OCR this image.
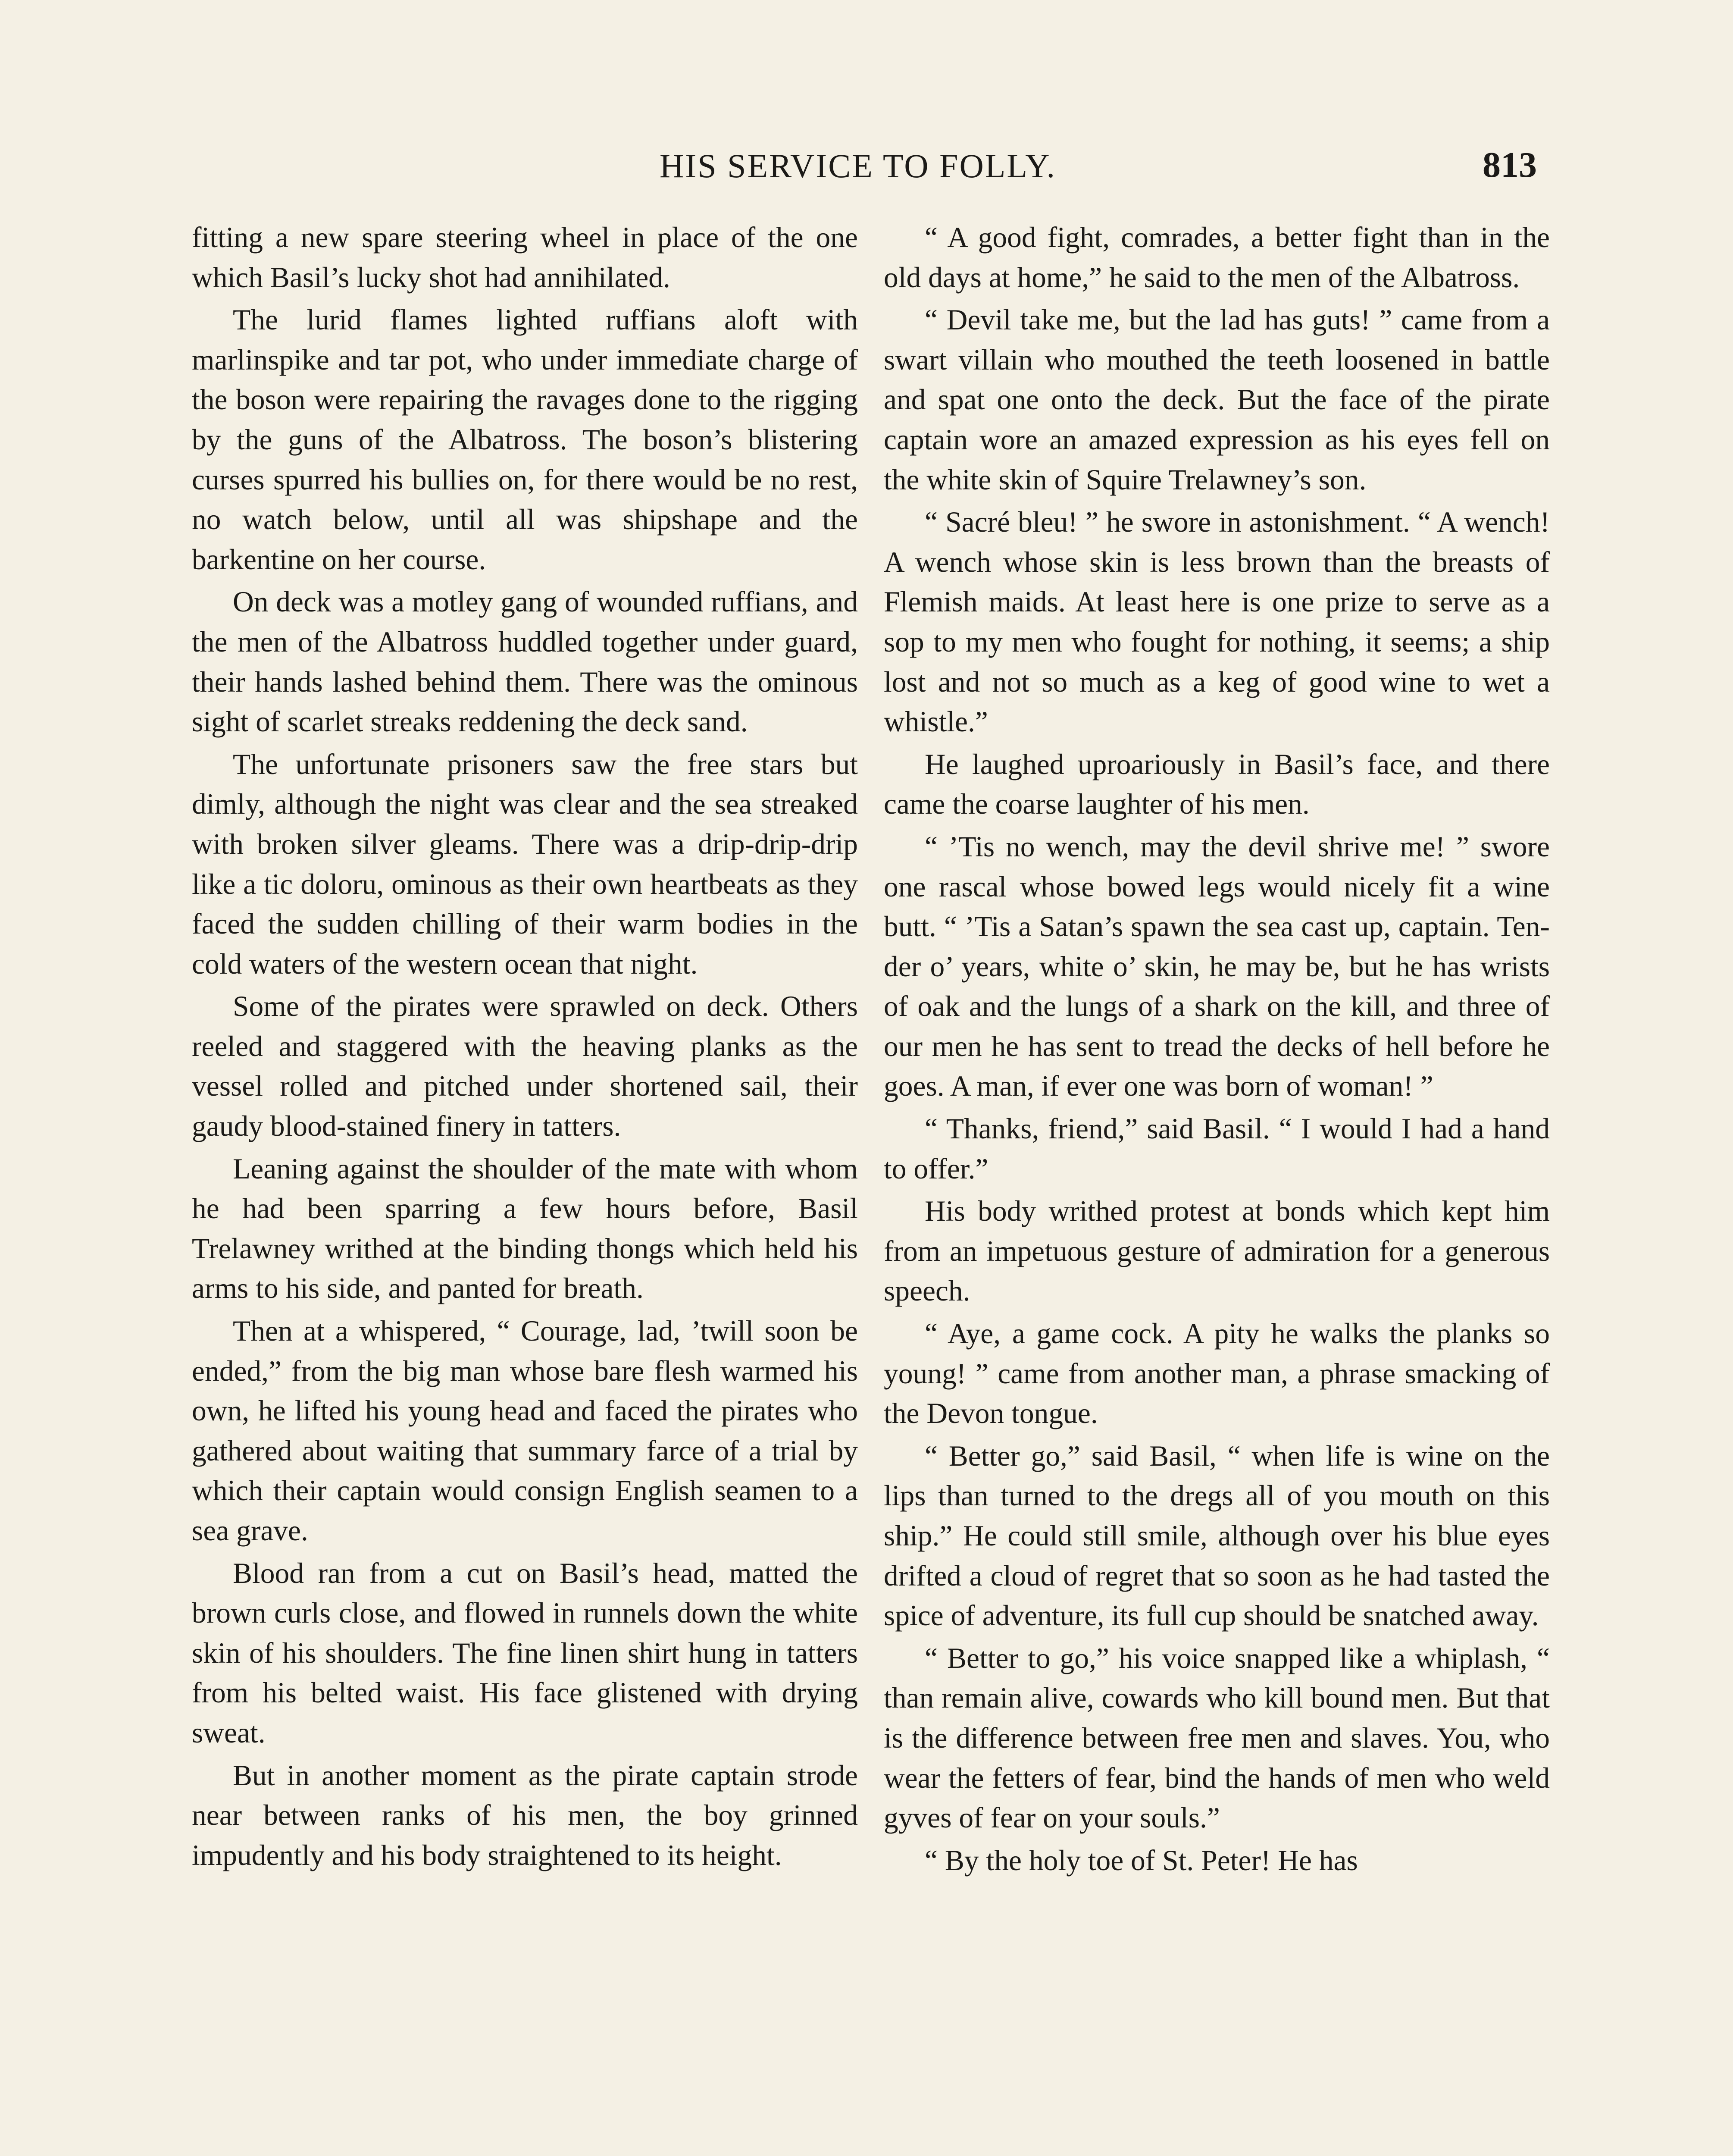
HIS SERVICE TO FOLLY.	813

fitting a new spare steering wheel in place of the one which Basil’s lucky shot had annihilated.

The lurid flames lighted ruffians aloft with marlinspike and tar pot, who under immediate charge of the boson were repairing the ravages done to the rigging by the guns of the Albatross. The boson’s blistering curses spurred his bullies on, for there would be no rest, no watch below, until all was shipshape and the barkentine on her course.

On deck was a motley gang of wounded ruffians, and the men of the Albatross huddled together under guard, their hands lashed behind them. There was the ominous sight of scarlet streaks reddening the deck sand.

The unfortunate prisoners saw the free stars but dimly, although the night was clear and the sea streaked with broken silver gleams. There was a drip-drip-drip like a tic doloru, ominous as their own heartbeats as they faced the sudden chilling of their warm bodies in the cold waters of the western ocean that night.

Some of the pirates were sprawled on deck. Others reeled and staggered with the heaving planks as the vessel rolled and pitched under shortened sail, their gaudy blood-stained finery in tatters.

Leaning against the shoulder of the mate with whom he had been sparring a few hours before, Basil Trelawney writhed at the binding thongs which held his arms to his side, and panted for breath.

Then at a whispered, “ Courage, lad, ’twill soon be ended,” from the big man whose bare flesh warmed his own, he lifted his young head and faced the pirates who gathered about waiting that summary farce of a trial by which their captain would consign English seamen to a sea grave.

Blood ran from a cut on Basil’s head, matted the brown curls close, and flowed in runnels down the white skin of his shoulders. The fine linen shirt hung in tatters from his belted waist. His face glistened with drying sweat.

But in another moment as the pirate captain strode near between ranks of his men, the boy grinned impudently and his body straightened to its height.

“ A good fight, comrades, a better fight than in the old days at home,” he said to the men of the Albatross.

“ Devil take me, but the lad has guts! ” came from a swart villain who mouthed the teeth loosened in battle and spat one onto the deck. But the face of the pirate captain wore an amazed expression as his eyes fell on the white skin of Squire Trelawney’s son.

“ Sacré bleu! ” he swore in astonishment. “ A wench! A wench whose skin is less brown than the breasts of Flemish maids. At least here is one prize to serve as a sop to my men who fought for nothing, it seems; a ship lost and not so much as a keg of good wine to wet a whistle.”

He laughed uproariously in Basil’s face, and there came the coarse laughter of his men.

“ ’Tis no wench, may the devil shrive me! ” swore one rascal whose bowed legs would nicely fit a wine butt. “ ’Tis a Satan’s spawn the sea cast up, captain. Tender o’ years, white o’ skin, he may be, but he has wrists of oak and the lungs of a shark on the kill, and three of our men he has sent to tread the decks of hell before he goes. A man, if ever one was born of woman! ”

“ Thanks, friend,” said Basil. “ I would I had a hand to offer.”

His body writhed protest at bonds which kept him from an impetuous gesture of admiration for a generous speech.

“ Aye, a game cock. A pity he walks the planks so young! ” came from another man, a phrase smacking of the Devon tongue.

“ Better go,” said Basil, “ when life is wine on the lips than turned to the dregs all of you mouth on this ship.” He could still smile, although over his blue eyes drifted a cloud of regret that so soon as he had tasted the spice of adventure, its full cup should be snatched away.

“ Better to go,” his voice snapped like a whiplash, “ than remain alive, cowards who kill bound men. But that is the difference between free men and slaves. You, who wear the fetters of fear, bind the hands of men who weld gyves of fear on your souls.”

“ By the holy toe of St. Peter! He has
